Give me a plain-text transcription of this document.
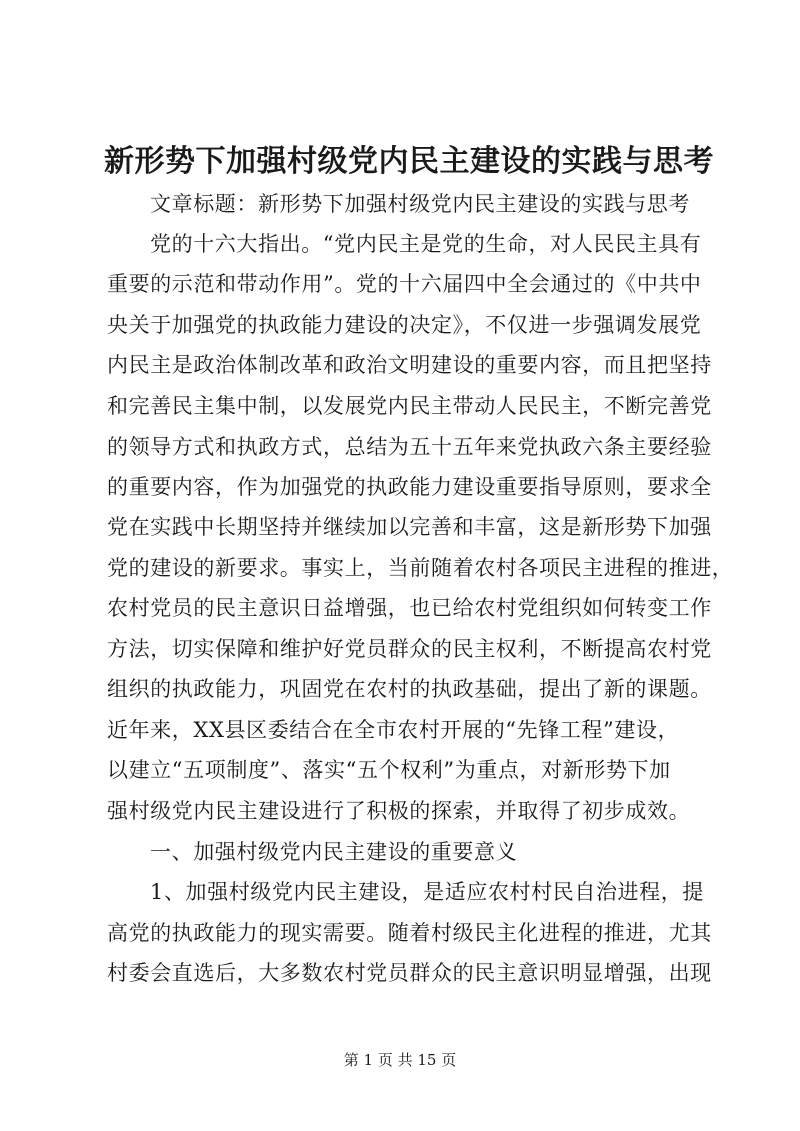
新形势下加强村级党内民主建设的实践与思考
文章标题：新形势下加强村级党内民主建设的实践与思考
党的十六大指出。“党内民主是党的生命，对人民民主具有
重要的示范和带动作用”。党的十六届四中全会通过的《中共中
央关于加强党的执政能力建设的决定》，不仅进一步强调发展党
内民主是政治体制改革和政治文明建设的重要内容，而且把坚持
和完善民主集中制，以发展党内民主带动人民民主，不断完善党
的领导方式和执政方式，总结为五十五年来党执政六条主要经验
的重要内容，作为加强党的执政能力建设重要指导原则，要求全
党在实践中长期坚持并继续加以完善和丰富，这是新形势下加强
党的建设的新要求。事实上，当前随着农村各项民主进程的推进，
农村党员的民主意识日益增强，也已给农村党组织如何转变工作
方法，切实保障和维护好党员群众的民主权利，不断提高农村党
组织的执政能力，巩固党在农村的执政基础，提出了新的课题。
近年来，XX县区委结合在全市农村开展的“先锋工程”建设，
以建立“五项制度”、落实“五个权利”为重点，对新形势下加
强村级党内民主建设进行了积极的探索，并取得了初步成效。
一、加强村级党内民主建设的重要意义
1、加强村级党内民主建设，是适应农村村民自治进程，提
高党的执政能力的现实需要。随着村级民主化进程的推进，尤其
村委会直选后，大多数农村党员群众的民主意识明显增强，出现
第 1 页 共 15 页
